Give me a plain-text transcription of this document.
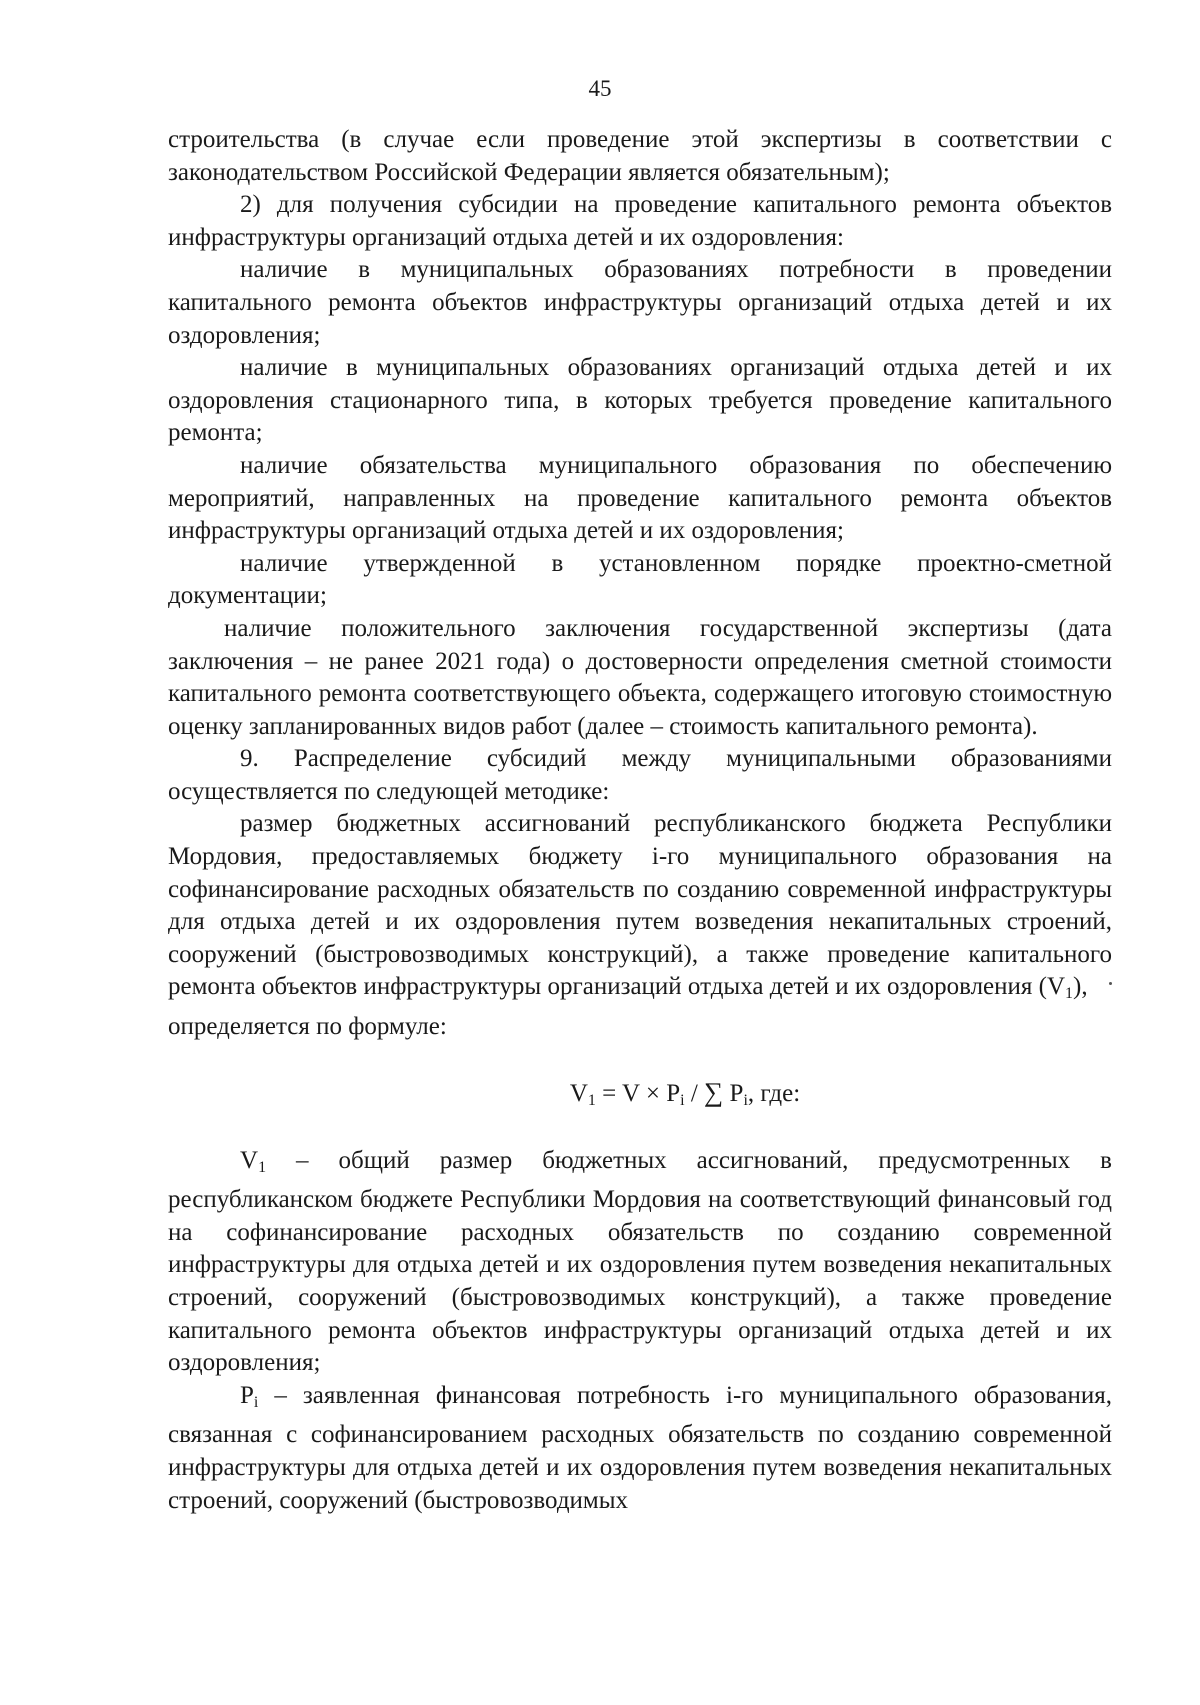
45

строительства (в случае если проведение этой экспертизы в соответствии с законодательством Российской Федерации является обязательным);

2) для получения субсидии на проведение капитального ремонта объектов инфраструктуры организаций отдыха детей и их оздоровления:

наличие в муниципальных образованиях потребности в проведении капитального ремонта объектов инфраструктуры организаций отдыха детей и их оздоровления;

наличие в муниципальных образованиях организаций отдыха детей и их оздоровления стационарного типа, в которых требуется проведение капитального ремонта;

наличие обязательства муниципального образования по обеспечению мероприятий, направленных на проведение капитального ремонта объектов инфраструктуры организаций отдыха детей и их оздоровления;

наличие утвержденной в установленном порядке проектно-сметной документации;

наличие положительного заключения государственной экспертизы (дата заключения – не ранее 2021 года) о достоверности определения сметной стоимости капитального ремонта соответствующего объекта, содержащего итоговую стоимостную оценку запланированных видов работ (далее – стоимость капитального ремонта).

9. Распределение субсидий между муниципальными образованиями осуществляется по следующей методике:

размер бюджетных ассигнований республиканского бюджета Республики Мордовия, предоставляемых бюджету i-го муниципального образования на софинансирование расходных обязательств по созданию современной инфраструктуры для отдыха детей и их оздоровления путем возведения некапитальных строений, сооружений (быстровозводимых конструкций), а также проведение капитального ремонта объектов инфраструктуры организаций отдыха детей и их оздоровления $(V_1)$,

определяется по формуле:

$V_1 = V \times P_i$ / ∑ $P_i$, где:

$V_1$ – общий размер бюджетных ассигнований, предусмотренных в республиканском бюджете Республики Мордовия на соответствующий финансовый год на софинансирование расходных обязательств по созданию современной инфраструктуры для отдыха детей и их оздоровления путем возведения некапитальных строений, сооружений (быстровозводимых конструкций), а также проведение капитального ремонта объектов инфраструктуры организаций отдыха детей и их оздоровления;

$P_i$ – заявленная финансовая потребность i-го муниципального образования, связанная с софинансированием расходных обязательств по созданию современной инфраструктуры для отдыха детей и их оздоровления путем возведения некапитальных строений, сооружений (быстровозводимых
